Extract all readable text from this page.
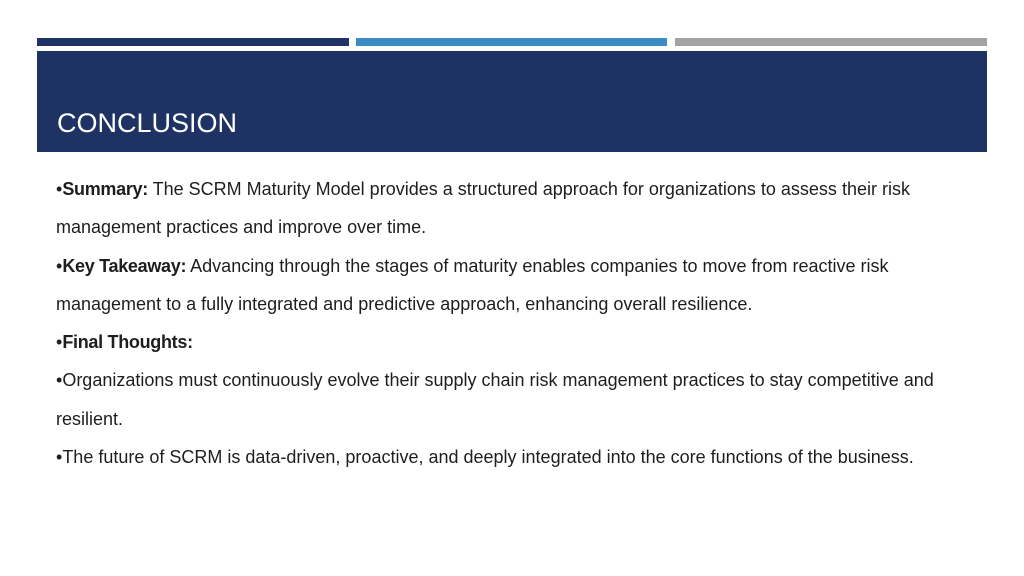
CONCLUSION

•Summary: The SCRM Maturity Model provides a structured approach for organizations to assess their risk management practices and improve over time.

•Key Takeaway: Advancing through the stages of maturity enables companies to move from reactive risk management to a fully integrated and predictive approach, enhancing overall resilience.

•Final Thoughts:

•Organizations must continuously evolve their supply chain risk management practices to stay competitive and resilient.

•The future of SCRM is data-driven, proactive, and deeply integrated into the core functions of the business.
